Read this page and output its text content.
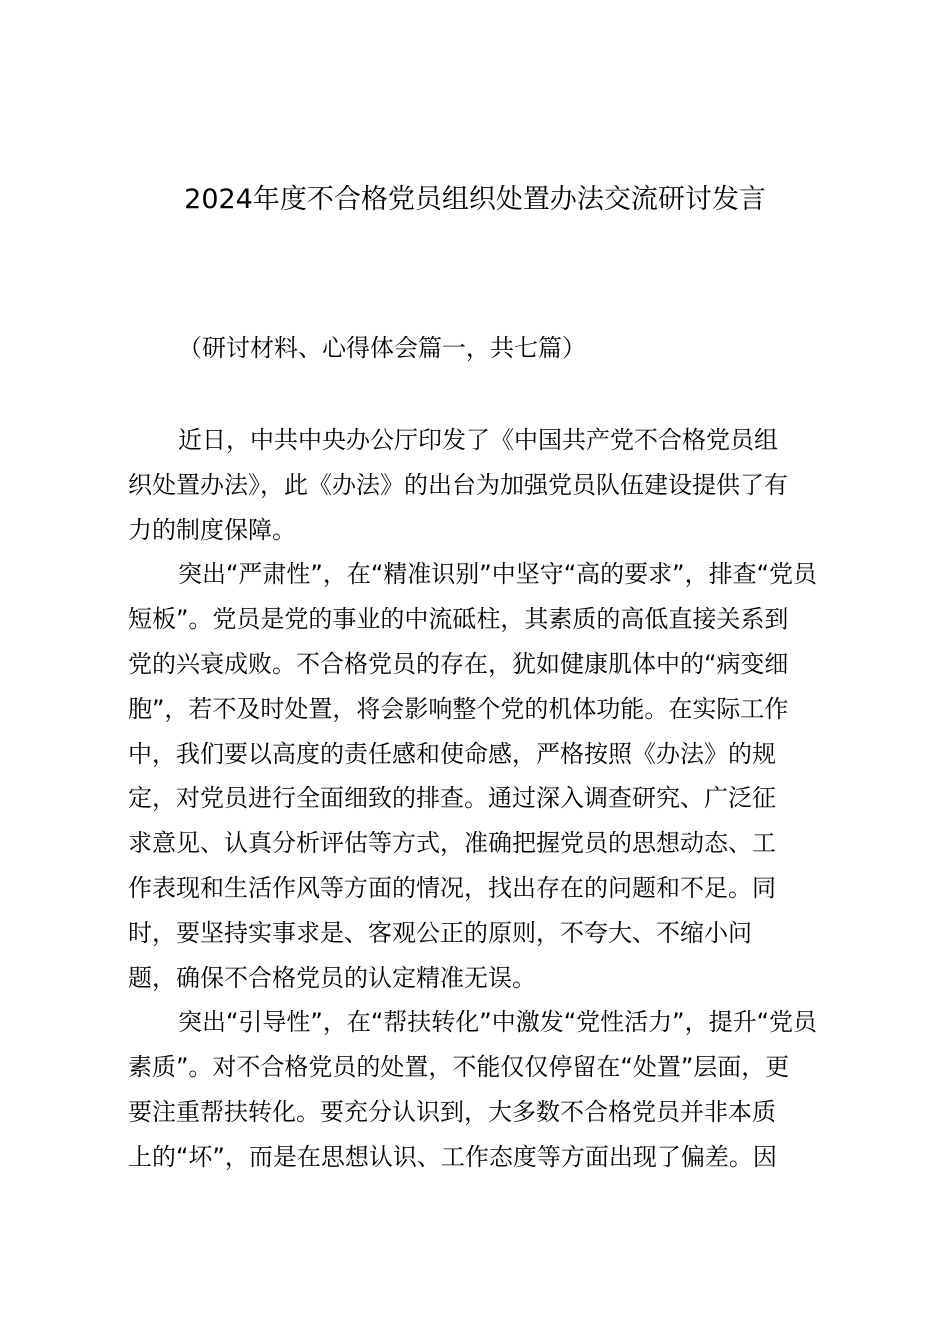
2024年度不合格党员组织处置办法交流研讨发言
（研讨材料、心得体会篇一，共七篇）

近日，中共中央办公厅印发了《中国共产党不合格党员组
织处置办法》，此《办法》的出台为加强党员队伍建设提供了有
力的制度保障。

突出“严肃性”，在“精准识别”中坚守“高的要求”，排查“党员
短板”。党员是党的事业的中流砥柱，其素质的高低直接关系到
党的兴衰成败。不合格党员的存在，犹如健康肌体中的“病变细
胞”，若不及时处置，将会影响整个党的机体功能。在实际工作
中，我们要以高度的责任感和使命感，严格按照《办法》的规
定，对党员进行全面细致的排查。通过深入调查研究、广泛征
求意见、认真分析评估等方式，准确把握党员的思想动态、工
作表现和生活作风等方面的情况，找出存在的问题和不足。同
时，要坚持实事求是、客观公正的原则，不夸大、不缩小问
题，确保不合格党员的认定精准无误。

突出“引导性”，在“帮扶转化”中激发“党性活力”，提升“党员
素质”。对不合格党员的处置，不能仅仅停留在“处置”层面，更
要注重帮扶转化。要充分认识到，大多数不合格党员并非本质
上的“坏”，而是在思想认识、工作态度等方面出现了偏差。因
